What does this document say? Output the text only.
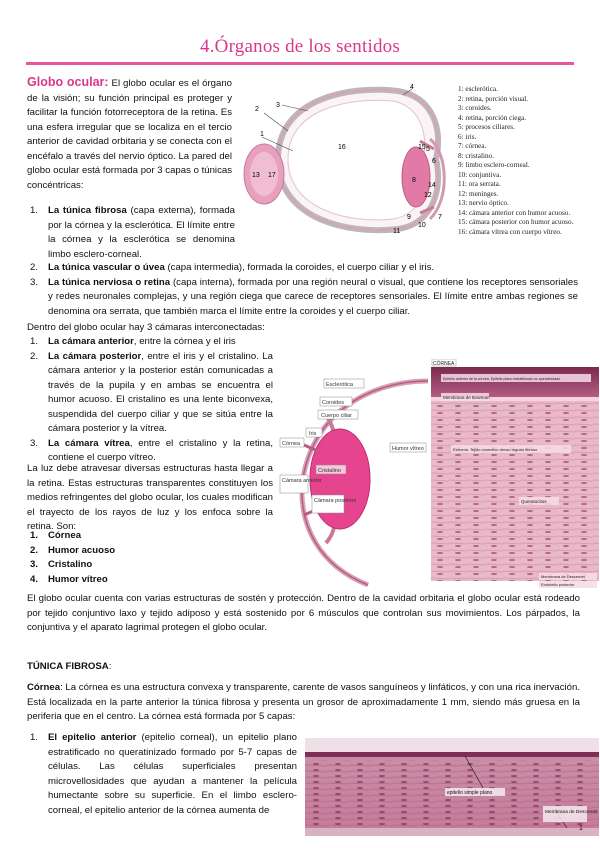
4.Órganos de los sentidos
Globo ocular: El globo ocular es el órgano de la visión; su función principal es proteger y facilitar la función fotorreceptora de la retina. Es una esfera irregular que se localiza en el tercio anterior de cavidad orbitaria y se conecta con el encéfalo a través del nervio óptico. La pared del globo ocular está formada por 3 capas o túnicas concéntricas:
1
2
3
4
5
6
7
8
9
10
11
12
13
14
15
16
17
1: esclerótica.
2: retina, porción visual.
3: coroides.
4: retina, porción ciega.
5: procesos ciliares.
6: iris.
7: córnea.
8: cristalino.
9: limbo esclero-corneal.
10: conjuntiva.
11: ora serrata.
12: meninges.
13: nervio óptico.
14: cámara anterior con humor acuoso.
15: cámara posterior con humor acuoso.
16: cámara vítrea con cuerpo vítreo.
1. La túnica fibrosa (capa externa), formada por la córnea y la esclerótica. El límite entre la córnea y la esclerótica se denomina limbo esclero-corneal.
2. La túnica vascular o úvea (capa intermedia), formada la coroides, el cuerpo ciliar y el iris.
3. La túnica nerviosa o retina (capa interna), formada por una región neural o visual, que contiene los receptores sensoriales y redes neuronales complejas, y una región ciega que carece de receptores sensoriales. El límite entre ambas regiones se denomina ora serrata, que también marca el límite entre la coroides y el cuerpo ciliar.
Dentro del globo ocular hay 3 cámaras interconectadas:
1. La cámara anterior, entre la córnea y el iris
2. La cámara posterior, entre el iris y el cristalino. La cámara anterior y la posterior están comunicadas a través de la pupila y en ambas se encuentra el humor acuoso. El cristalino es una lente biconvexa, suspendida del cuerpo ciliar y que se sitúa entre la cámara posterior y la vítrea.
3. La cámara vítrea, entre el cristalino y la retina, contiene el cuerpo vítreo.
La luz debe atravesar diversas estructuras hasta llegar a la retina. Estas estructuras transparentes constituyen los medios refringentes del globo ocular, los cuales modifican el trayecto de los rayos de luz y los enfoca sobre la retina. Son:
1. Córnea
2. Humor acuoso
3. Cristalino
4. Humor vítreo
Esclerótica
Coroides
Cuerpo ciliar
Iris
Córnea
Cámara anterior
Cristalino
Cámara posterior
Humor vítreo
CÓRNEA
Epitelio anterior de la córnea. Epitelio plano estratificado no queratinizado
Membrana de Bowman
Estroma. Tejido conectivo denso regular fibroso
Queratocitos
Membrana de Descemet
Endotelio posterior
El globo ocular cuenta con varias estructuras de sostén y protección. Dentro de la cavidad orbitaria el globo ocular está rodeado por tejido conjuntivo laxo y tejido adiposo y está sostenido por 6 músculos que controlan sus movimientos. Los párpados, la conjuntiva y el aparato lagrimal protegen el globo ocular.
TÚNICA FIBROSA:
Córnea: La córnea es una estructura convexa y transparente, carente de vasos sanguíneos y linfáticos, y con una rica inervación. Está localizada en la parte anterior la túnica fibrosa y presenta un grosor de aproximadamente 1 mm, siendo más gruesa en la periferia que en el centro. La córnea está formada por 5 capas:
1. El epitelio anterior (epitelio corneal), un epitelio plano estratificado no queratinizado formado por 5-7 capas de células. Las células superficiales presentan microvellosidades que ayudan a mantener la película humectante sobre su superficie. En el limbo esclero-corneal, el epitelio anterior de la córnea aumenta de
epitelio simple plano
Membrana de Descemet
1
